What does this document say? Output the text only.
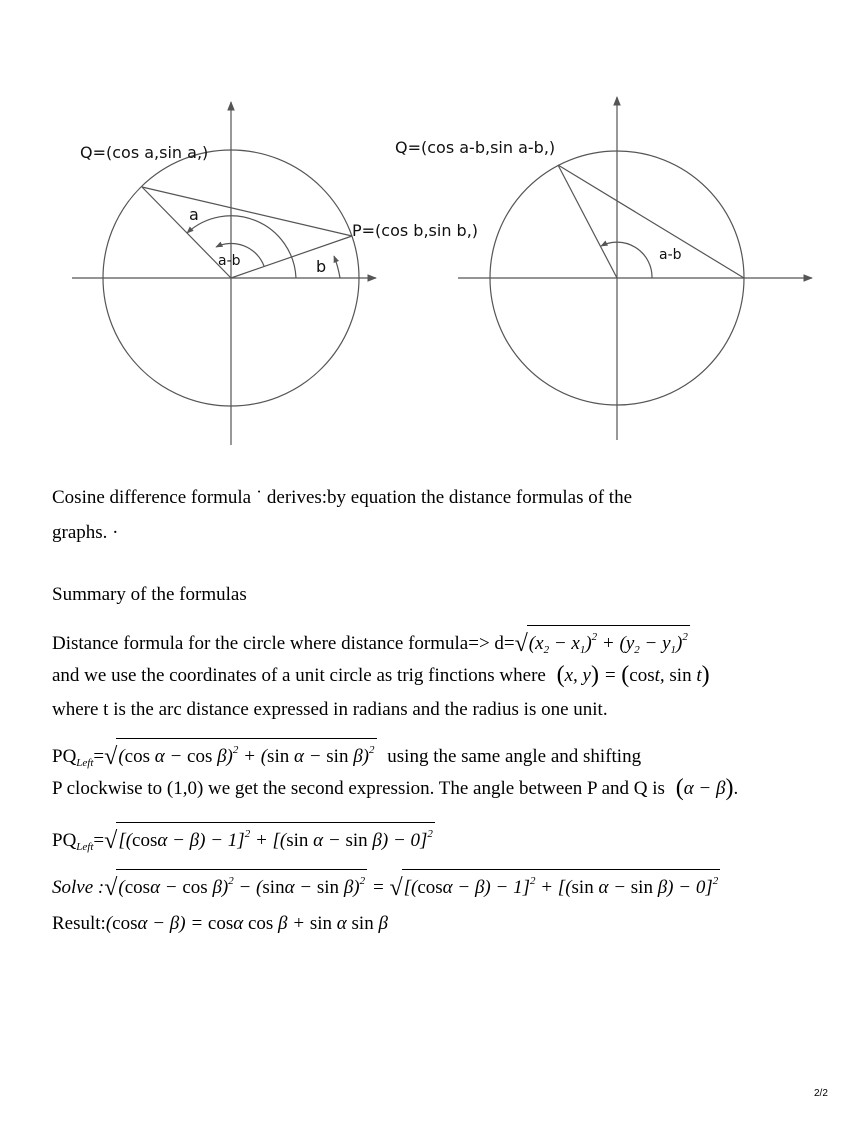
Q=(cos a,sin a,)
P=(cos b,sin b,)
a
a-b	b
Q=(cos a-b,sin a-b,)
a-b
Cosine difference formula ˙ derives:by equation the distance formulas of the
graphs. ·
Summary of the formulas
Distance formula for the circle where distance formula=> $d=√(x_2 - x_1)^2 + (y_2 - y_1)^2$
and we use the coordinates of a unit circle as trig finctions where (x, y) = (cost, sin t)
where t is the arc distance expressed in radians and the radius is one unit.
$PQ_{Left}=√(\cos$ α − cos β)$^2$ + (sin α − sin β)$^2$ using the same angle and shifting
P clockwise to (1,0) we get the second expression. The angle between P and Q is (α − β).
$PQ_{Left}=√[(\cos\alpha - \beta) - 1]^2 + [(\sin$ α − sin β) − 0]$^2$
Solve :√(cosα − $\cos \beta)^2 - (\sin\alpha - \sin \beta)^2 = √[(\cos\alpha - \beta) - 1]^2 + [(\sin$ α − sin β) − 0]$^2$
Result:(cosα − β) = cosα cos β + sin α sin β
2/2
